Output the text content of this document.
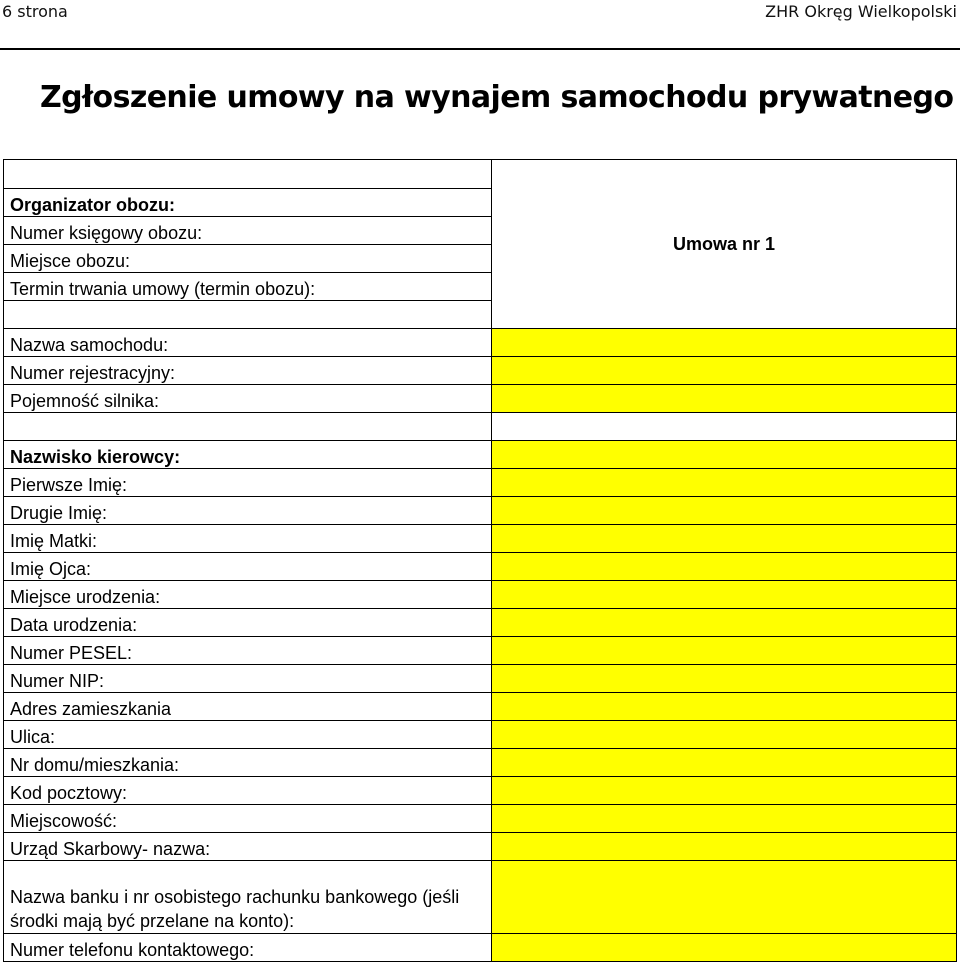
6 strona	ZHR Okręg Wielkopolski
Zgłoszenie umowy na wynajem samochodu prywatnego
	Umowa nr 1
Organizator obozu:	
Numer księgowy obozu:	
Miejsce obozu:	
Termin trwania umowy (termin obozu):	

Nazwa samochodu:	
Numer rejestracyjny:	
Pojemność silnika:	

Nazwisko kierowcy:	
Pierwsze Imię:	
Drugie Imię:	
Imię Matki:	
Imię Ojca:	
Miejsce urodzenia:	
Data urodzenia:	
Numer PESEL:	
Numer NIP:	
Adres zamieszkania	
Ulica:	
Nr domu/mieszkania:	
Kod pocztowy:	
Miejscowość:	
Urząd Skarbowy- nazwa:	
Nazwa banku i nr osobistego rachunku bankowego (jeśli środki mają być przelane na konto):	
Numer telefonu kontaktowego:	
